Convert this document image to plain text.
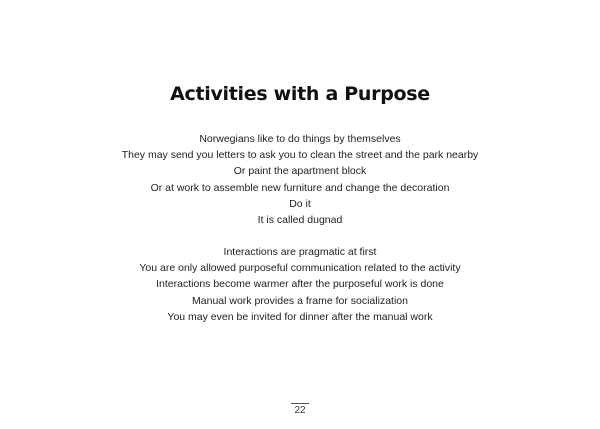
Activities with a Purpose
Norwegians like to do things by themselves
They may send you letters to ask you to clean the street and the park nearby
Or paint the apartment block
Or at work to assemble new furniture and change the decoration
Do it
It is called dugnad
Interactions are pragmatic at first
You are only allowed purposeful communication related to the activity
Interactions become warmer after the purposeful work is done
Manual work provides a frame for socialization
You may even be invited for dinner after the manual work
22
